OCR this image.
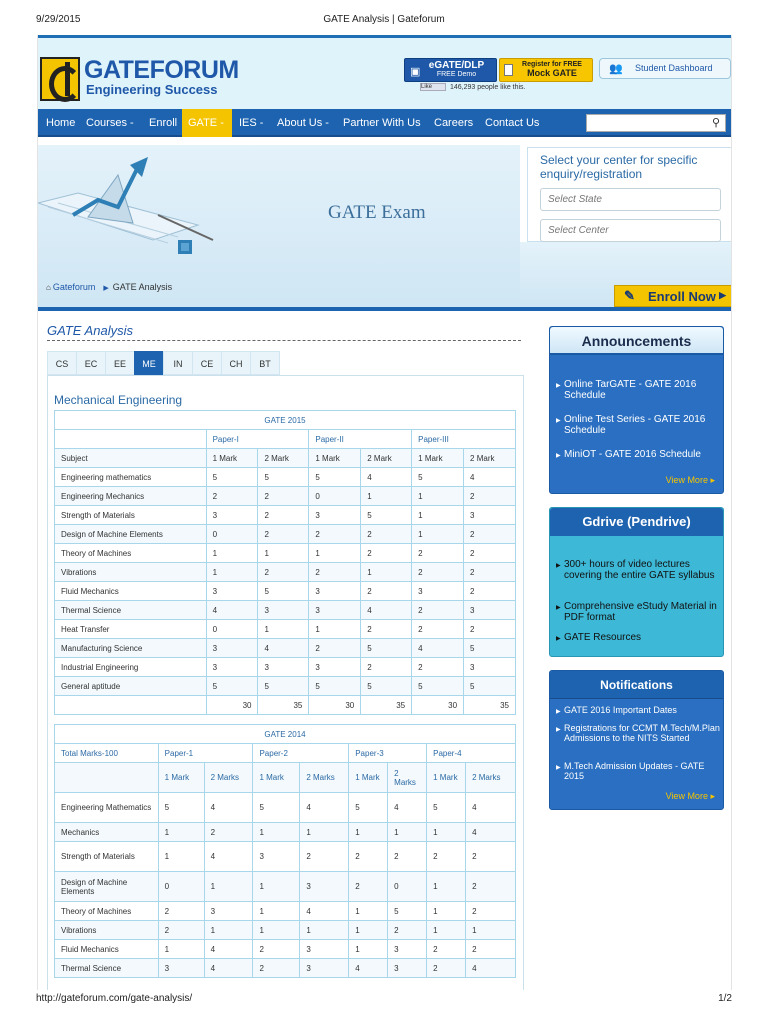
9/29/2015	GATE Analysis | Gateforum
GATEFORUM
Engineering Success
▣
eGATE/DLP
FREE Demo
Register for FREE
Mock GATE
Like	146,293 people like this.
👥 Student Dashboard
Home Courses -	Enroll GATE -	IES -	About Us -	Partner With Us	Careers	Contact Us	⚲
GATE Exam
⌂ Gateforum ▶ GATE Analysis
Select your center for specific enquiry/registration
Select State
Select Center
✎ Enroll Now ▶
GATE Analysis
CS	EC	EE	ME	IN	CE	CH	BT
Mechanical Engineering
GATE 2015						
	Paper-I		Paper-II		Paper-III	
Subject	1 Mark	2 Mark	1 Mark	2 Mark	1 Mark	2 Mark
Engineering mathematics	5	5	5	4	5	4
Engineering Mechanics	2	2	0	1	1	2
Strength of Materials	3	2	3	5	1	3
Design of Machine Elements	0	2	2	2	1	2
Theory of Machines	1	1	1	2	2	2
Vibrations	1	2	2	1	2	2
Fluid Mechanics	3	5	3	2	3	2
Thermal Science	4	3	3	4	2	3
Heat Transfer	0	1	1	2	2	2
Manufacturing Science	3	4	2	5	4	5
Industrial Engineering	3	3	3	2	2	3
General aptitude	5	5	5	5	5	5
	30	35	30	35	30	35
GATE 2014								
Total Marks-100	Paper-1		Paper-2		Paper-3		Paper-4	
	1 Mark	2 Marks	1 Mark	2 Marks	1 Mark	2 Marks	1 Mark	2 Marks
Engineering Mathematics	5	4	5	4	5	4	5	4
Mechanics	1	2	1	1	1	1	1	4
Strength of Materials	1	4	3	2	2	2	2	2
Design of Machine Elements	0	1	1	3	2	0	1	2
Theory of Machines	2	3	1	4	1	5	1	2
Vibrations	2	1	1	1	1	2	1	1
Fluid Mechanics	1	4	2	3	1	3	2	2
Thermal Science	3	4	2	3	4	3	2	4
Announcements
▶ Online TarGATE - GATE 2016 Schedule
▶ Online Test Series - GATE 2016 Schedule
▶ MiniOT - GATE 2016 Schedule
View More ▸
Gdrive (Pendrive)
▶ 300+ hours of video lectures covering the entire GATE syllabus
▶ Comprehensive eStudy Material in PDF format
▶ GATE Resources
Notifications
▶ GATE 2016 Important Dates
▶ Registrations for CCMT M.Tech/M.Plan Admissions to the NITS Started
▶ M.Tech Admission Updates - GATE 2015
View More ▸
http://gateforum.com/gate-analysis/	1/2
